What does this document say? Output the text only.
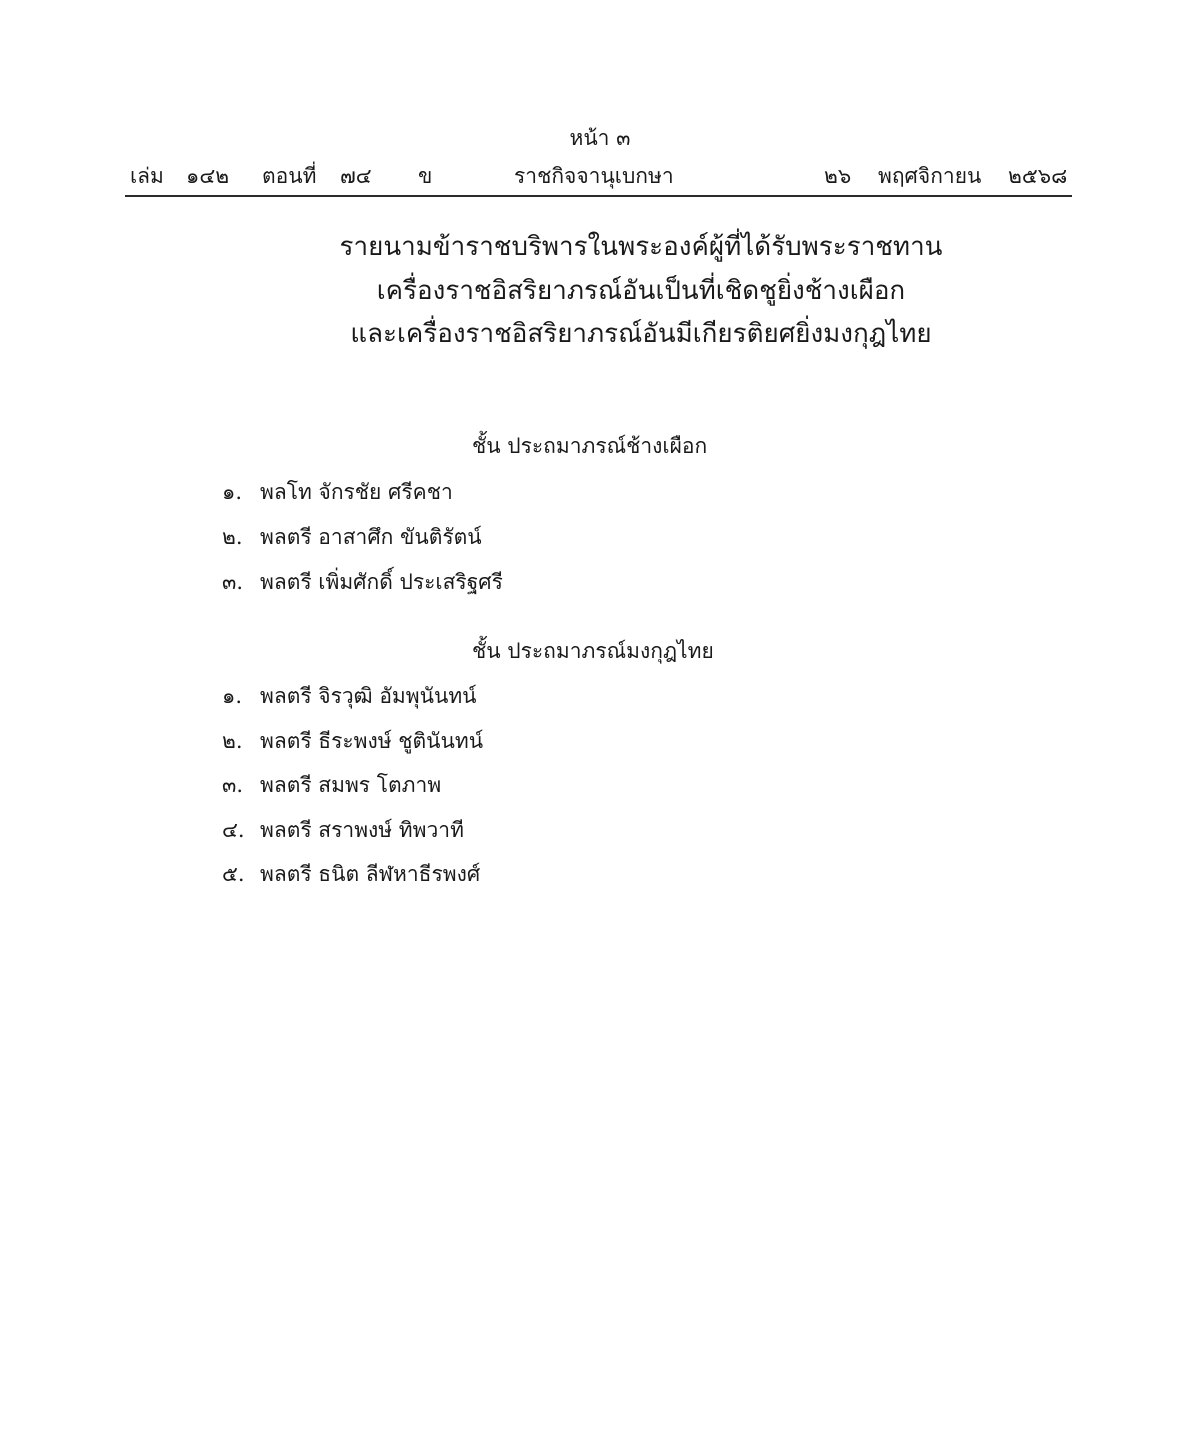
หน้า ๓
เล่ม ๑๔๒ ตอนที่ ๗๔ ข	ราชกิจจานุเบกษา	๒๖ พฤศจิกายน ๒๕๖๘
รายนามข้าราชบริพารในพระองค์ผู้ที่ได้รับพระราชทาน
เครื่องราชอิสริยาภรณ์อันเป็นที่เชิดชูยิ่งช้างเผือก
และเครื่องราชอิสริยาภรณ์อันมีเกียรติยศยิ่งมงกุฎไทย
ชั้น ประถมาภรณ์ช้างเผือก
๑. พลโท จักรชัย ศรีคชา
๒. พลตรี อาสาศึก ขันติรัตน์
๓. พลตรี เพิ่มศักดิ์ ประเสริฐศรี
ชั้น ประถมาภรณ์มงกุฎไทย
๑. พลตรี จิรวุฒิ อัมพุนันทน์
๒. พลตรี ธีระพงษ์ ชูตินันทน์
๓. พลตรี สมพร โตภาพ
๔. พลตรี สราพงษ์ ทิพวาที
๕. พลตรี ธนิต ลีฬหาธีรพงศ์
